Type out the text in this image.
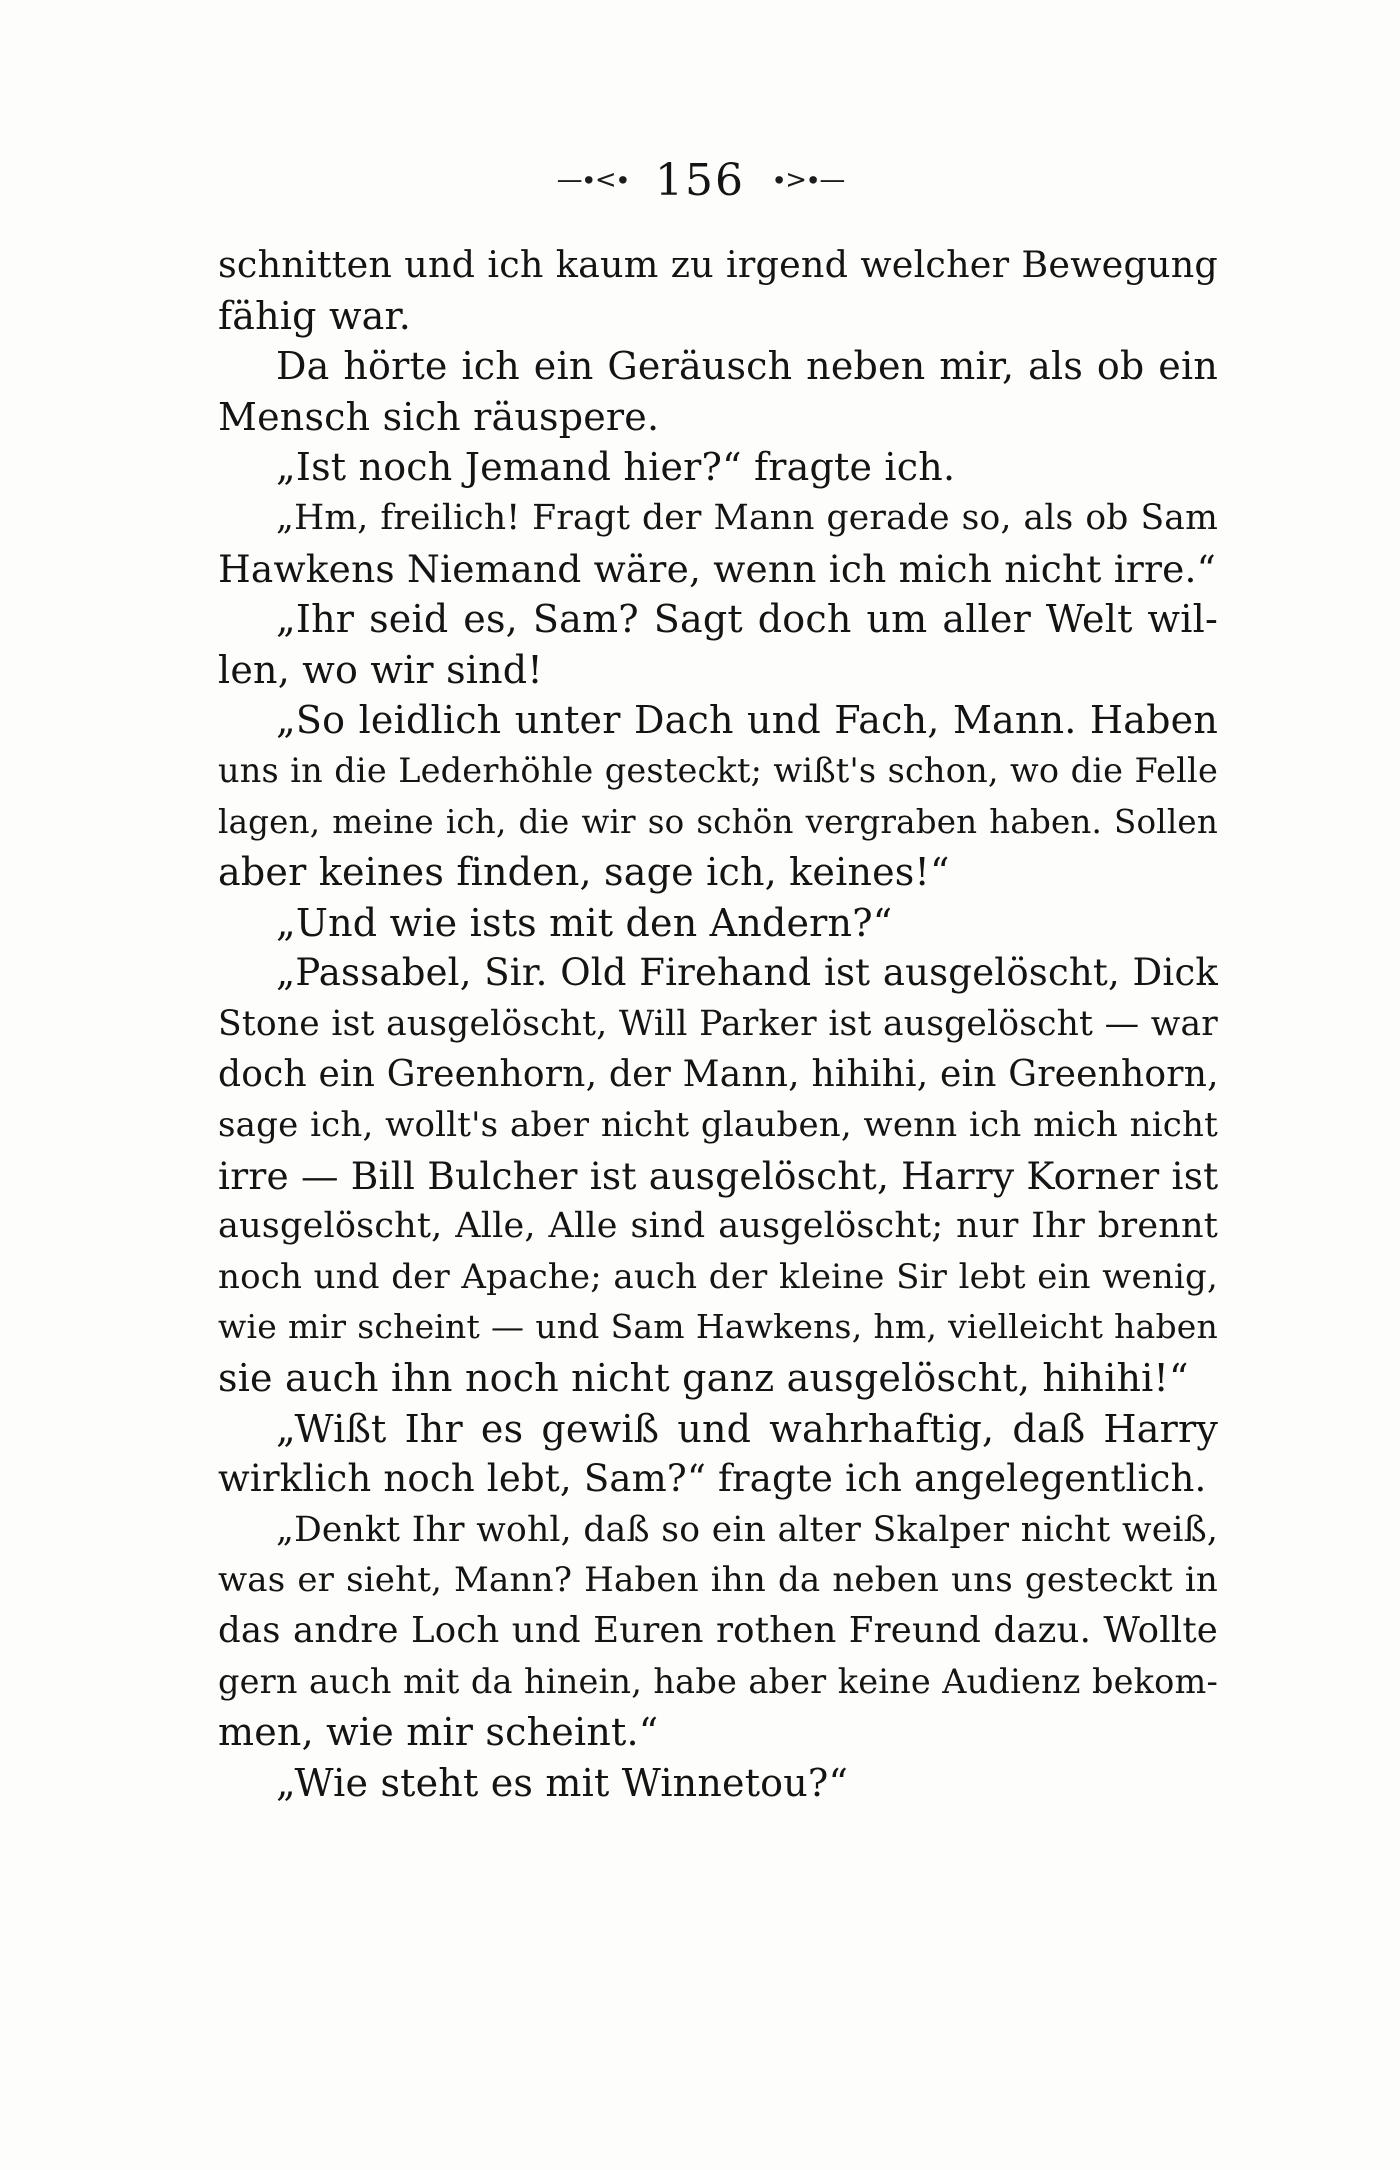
—∙<∙ 156 ∙>∙—
schnitten und ich kaum zu irgend welcher Bewegung
fähig war.
Da hörte ich ein Geräusch neben mir, als ob ein
Mensch sich räuspere.
„Ist noch Jemand hier?“ fragte ich.
„Hm, freilich! Fragt der Mann gerade so, als ob Sam
Hawkens Niemand wäre, wenn ich mich nicht irre.“
„Ihr seid es, Sam? Sagt doch um aller Welt wil-
len, wo wir sind!
„So leidlich unter Dach und Fach, Mann. Haben
uns in die Lederhöhle gesteckt; wißt's schon, wo die Felle
lagen, meine ich, die wir so schön vergraben haben. Sollen
aber keines finden, sage ich, keines!“
„Und wie ists mit den Andern?“
„Passabel, Sir. Old Firehand ist ausgelöscht, Dick
Stone ist ausgelöscht, Will Parker ist ausgelöscht — war
doch ein Greenhorn, der Mann, hihihi, ein Greenhorn,
sage ich, wollt's aber nicht glauben, wenn ich mich nicht
irre — Bill Bulcher ist ausgelöscht, Harry Korner ist
ausgelöscht, Alle, Alle sind ausgelöscht; nur Ihr brennt
noch und der Apache; auch der kleine Sir lebt ein wenig,
wie mir scheint — und Sam Hawkens, hm, vielleicht haben
sie auch ihn noch nicht ganz ausgelöscht, hihihi!“
„Wißt Ihr es gewiß und wahrhaftig, daß Harry
wirklich noch lebt, Sam?“ fragte ich angelegentlich.
„Denkt Ihr wohl, daß so ein alter Skalper nicht weiß,
was er sieht, Mann? Haben ihn da neben uns gesteckt in
das andre Loch und Euren rothen Freund dazu. Wollte
gern auch mit da hinein, habe aber keine Audienz bekom-
men, wie mir scheint.“
„Wie steht es mit Winnetou?“
